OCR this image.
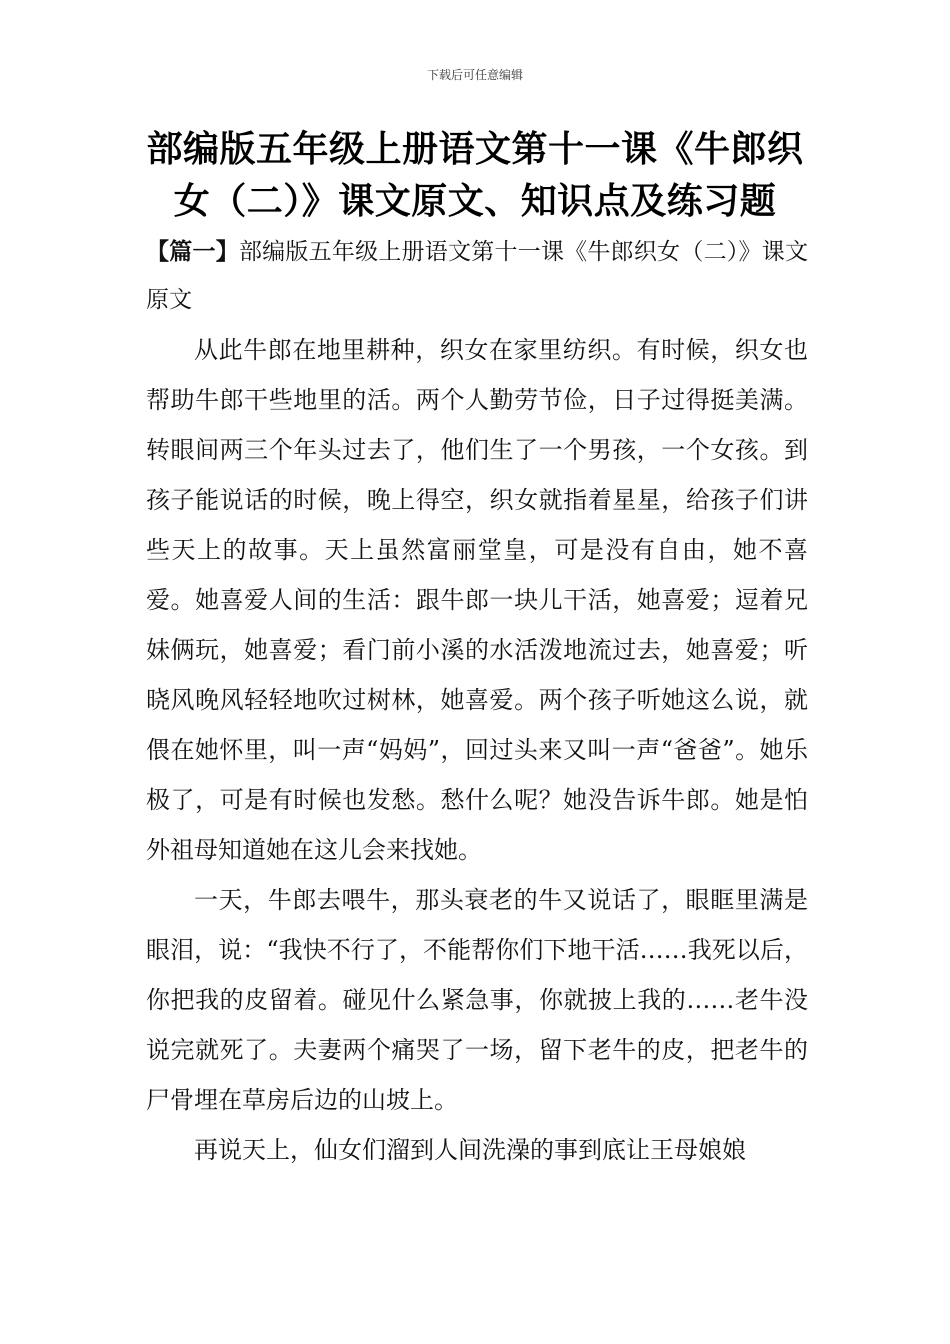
下载后可任意编辑
部编版五年级上册语文第十一课《牛郎织女（二）》课文原文、知识点及练习题
【篇一】部编版五年级上册语文第十一课《牛郎织女（二）》课文原文

从此牛郎在地里耕种，织女在家里纺织。有时候，织女也帮助牛郎干些地里的活。两个人勤劳节俭，日子过得挺美满。转眼间两三个年头过去了，他们生了一个男孩，一个女孩。到孩子能说话的时候，晚上得空，织女就指着星星，给孩子们讲些天上的故事。天上虽然富丽堂皇，可是没有自由，她不喜爱。她喜爱人间的生活：跟牛郎一块儿干活，她喜爱；逗着兄妹俩玩，她喜爱；看门前小溪的水活泼地流过去，她喜爱；听晓风晚风轻轻地吹过树林，她喜爱。两个孩子听她这么说，就偎在她怀里，叫一声“妈妈”，回过头来又叫一声“爸爸”。她乐极了，可是有时候也发愁。愁什么呢？她没告诉牛郎。她是怕外祖母知道她在这儿会来找她。

一天，牛郎去喂牛，那头衰老的牛又说话了，眼眶里满是眼泪，说：“我快不行了，不能帮你们下地干活……我死以后，你把我的皮留着。碰见什么紧急事，你就披上我的……老牛没说完就死了。夫妻两个痛哭了一场，留下老牛的皮，把老牛的尸骨埋在草房后边的山坡上。

再说天上，仙女们溜到人间洗澡的事到底让王母娘娘
